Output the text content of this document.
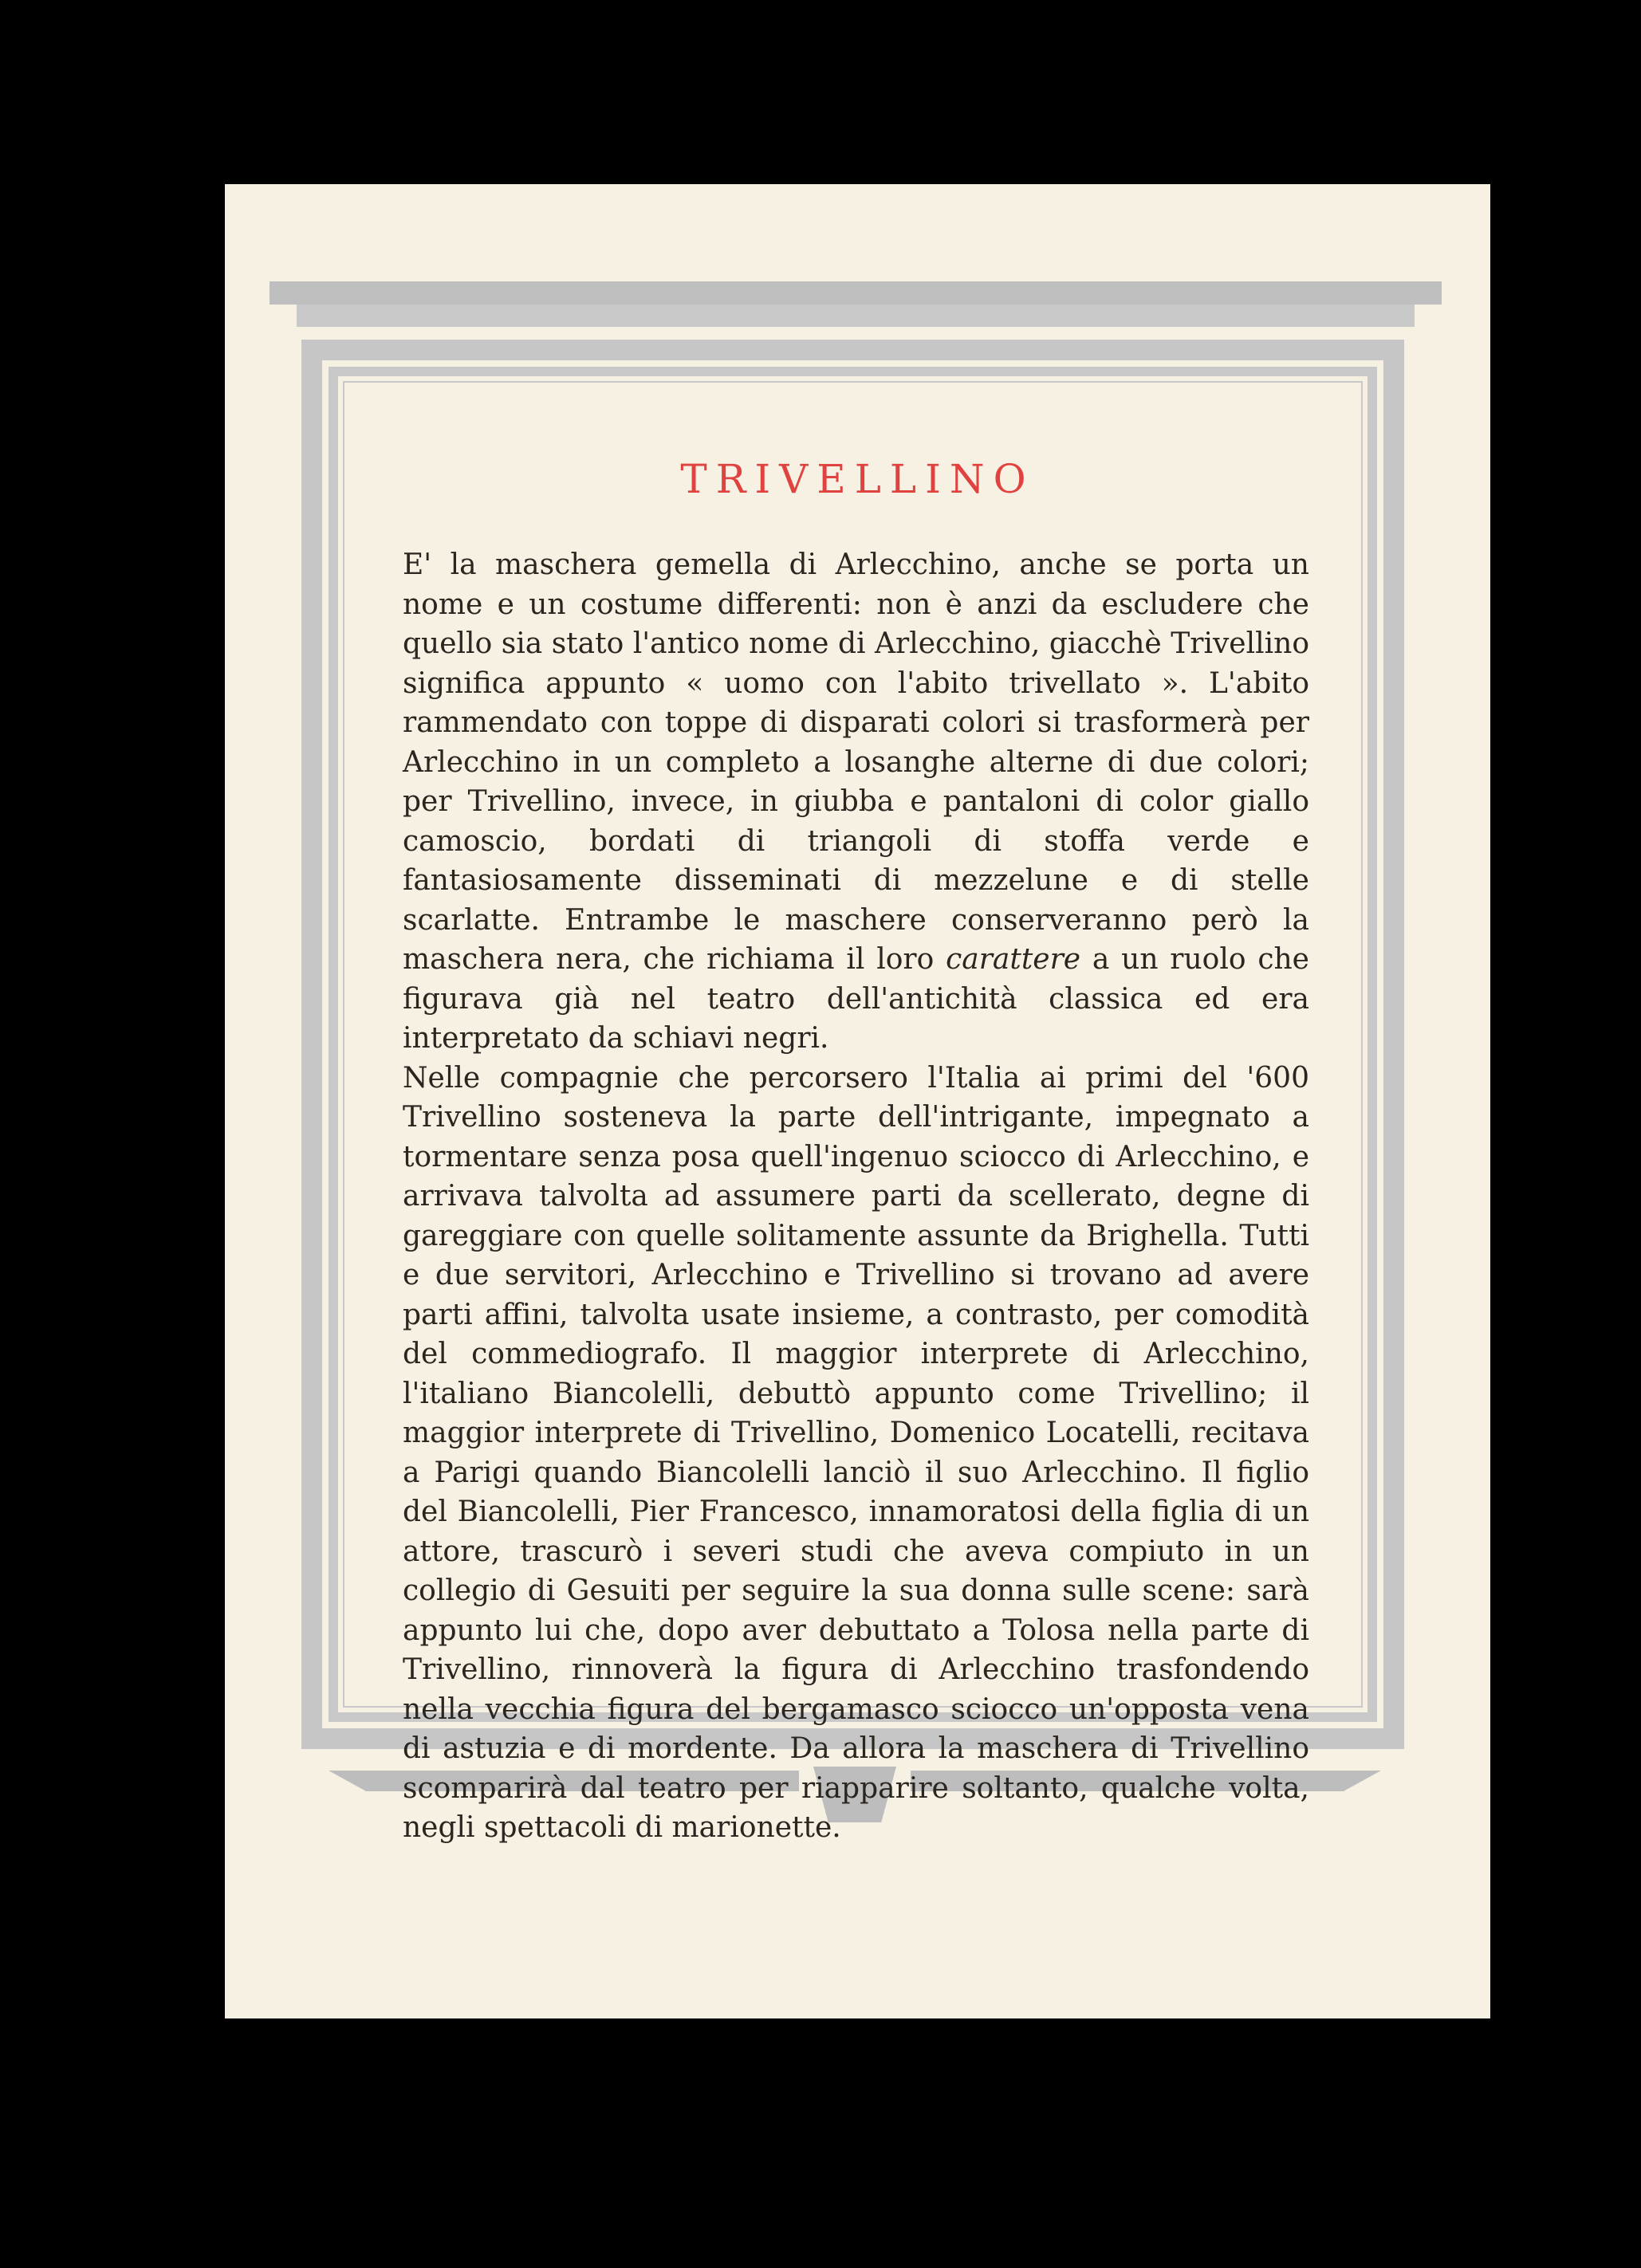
TRIVELLINO

E' la maschera gemella di Arlecchino, anche se porta un nome e un costume differenti: non è anzi da escludere che quello sia stato l'antico nome di Arlecchino, giacchè Trivellino significa appunto « uomo con l'abito trivellato ». L'abito rammendato con toppe di disparati colori si trasformerà per Arlecchino in un completo a losanghe alterne di due colori; per Trivellino, invece, in giubba e pantaloni di color giallo camoscio, bordati di triangoli di stoffa verde e fantasiosamente disseminati di mezzelune e di stelle scarlatte. Entrambe le maschere conserveranno però la maschera nera, che richiama il loro carattere a un ruolo che figurava già nel teatro dell'antichità classica ed era interpretato da schiavi negri.

Nelle compagnie che percorsero l'Italia ai primi del '600 Trivellino sosteneva la parte dell'intrigante, impegnato a tormentare senza posa quell'ingenuo sciocco di Arlecchino, e arrivava talvolta ad assumere parti da scellerato, degne di gareggiare con quelle solitamente assunte da Brighella. Tutti e due servitori, Arlecchino e Trivellino si trovano ad avere parti affini, talvolta usate insieme, a contrasto, per comodità del commediografo. Il maggior interprete di Arlecchino, l'italiano Biancolelli, debuttò appunto come Trivellino; il maggior interprete di Trivellino, Domenico Locatelli, recitava a Parigi quando Biancolelli lanciò il suo Arlecchino. Il figlio del Biancolelli, Pier Francesco, innamoratosi della figlia di un attore, trascurò i severi studi che aveva compiuto in un collegio di Gesuiti per seguire la sua donna sulle scene: sarà appunto lui che, dopo aver debuttato a Tolosa nella parte di Trivellino, rinnoverà la figura di Arlecchino trasfondendo nella vecchia figura del bergamasco sciocco un'opposta vena di astuzia e di mordente. Da allora la maschera di Trivellino scomparirà dal teatro per riapparire soltanto, qualche volta, negli spettacoli di marionette.
